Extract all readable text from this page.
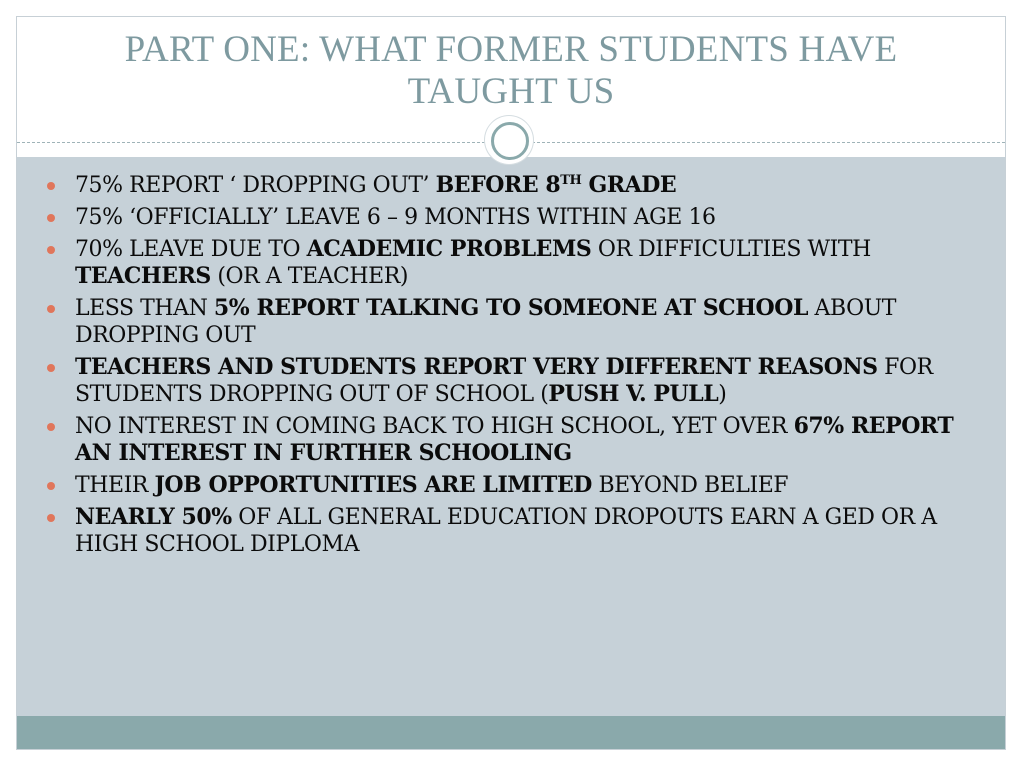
PART ONE: WHAT FORMER STUDENTS HAVE TAUGHT US
75% REPORT ‘ DROPPING OUT’ BEFORE 8TH GRADE
75% ‘OFFICIALLY’ LEAVE 6 – 9 MONTHS WITHIN AGE 16
70% LEAVE DUE TO ACADEMIC PROBLEMS OR DIFFICULTIES WITH TEACHERS (OR A TEACHER)
LESS THAN 5% REPORT TALKING TO SOMEONE AT SCHOOL ABOUT DROPPING OUT
TEACHERS AND STUDENTS REPORT VERY DIFFERENT REASONS FOR STUDENTS DROPPING OUT OF SCHOOL (PUSH V. PULL)
NO INTEREST IN COMING BACK TO HIGH SCHOOL, YET OVER 67% REPORT AN INTEREST IN FURTHER SCHOOLING
THEIR JOB OPPORTUNITIES ARE LIMITED BEYOND BELIEF
NEARLY 50% OF ALL GENERAL EDUCATION DROPOUTS EARN A GED OR A HIGH SCHOOL DIPLOMA
